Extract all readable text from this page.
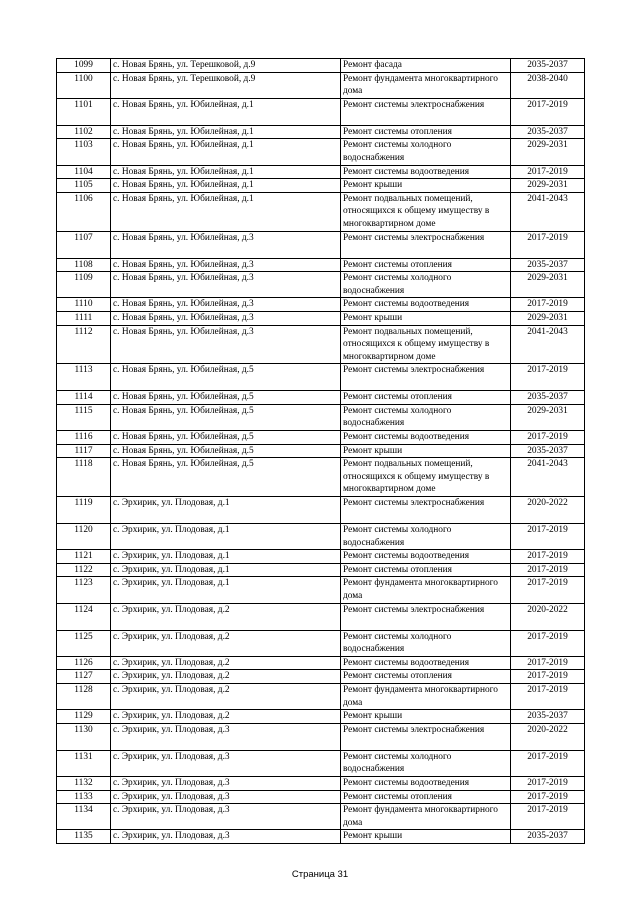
1099	с. Новая Брянь, ул. Терешковой, д.9	Ремонт фасада	2035-2037
1100	с. Новая Брянь, ул. Терешковой, д.9	Ремонт фундамента многоквартирного дома	2038-2040
1101	с. Новая Брянь, ул. Юбилейная, д.1	Ремонт системы электроснабжения	2017-2019
1102	с. Новая Брянь, ул. Юбилейная, д.1	Ремонт системы отопления	2035-2037
1103	с. Новая Брянь, ул. Юбилейная, д.1	Ремонт системы холодного водоснабжения	2029-2031
1104	с. Новая Брянь, ул. Юбилейная, д.1	Ремонт системы водоотведения	2017-2019
1105	с. Новая Брянь, ул. Юбилейная, д.1	Ремонт крыши	2029-2031
1106	с. Новая Брянь, ул. Юбилейная, д.1	Ремонт подвальных помещений, относящихся к общему имуществу в многоквартирном доме	2041-2043
1107	с. Новая Брянь, ул. Юбилейная, д.3	Ремонт системы электроснабжения	2017-2019
1108	с. Новая Брянь, ул. Юбилейная, д.3	Ремонт системы отопления	2035-2037
1109	с. Новая Брянь, ул. Юбилейная, д.3	Ремонт системы холодного водоснабжения	2029-2031
1110	с. Новая Брянь, ул. Юбилейная, д.3	Ремонт системы водоотведения	2017-2019
1111	с. Новая Брянь, ул. Юбилейная, д.3	Ремонт крыши	2029-2031
1112	с. Новая Брянь, ул. Юбилейная, д.3	Ремонт подвальных помещений, относящихся к общему имуществу в многоквартирном доме	2041-2043
1113	с. Новая Брянь, ул. Юбилейная, д.5	Ремонт системы электроснабжения	2017-2019
1114	с. Новая Брянь, ул. Юбилейная, д.5	Ремонт системы отопления	2035-2037
1115	с. Новая Брянь, ул. Юбилейная, д.5	Ремонт системы холодного водоснабжения	2029-2031
1116	с. Новая Брянь, ул. Юбилейная, д.5	Ремонт системы водоотведения	2017-2019
1117	с. Новая Брянь, ул. Юбилейная, д.5	Ремонт крыши	2035-2037
1118	с. Новая Брянь, ул. Юбилейная, д.5	Ремонт подвальных помещений, относящихся к общему имуществу в многоквартирном доме	2041-2043
1119	с. Эрхирик, ул. Плодовая, д.1	Ремонт системы электроснабжения	2020-2022
1120	с. Эрхирик, ул. Плодовая, д.1	Ремонт системы холодного водоснабжения	2017-2019
1121	с. Эрхирик, ул. Плодовая, д.1	Ремонт системы водоотведения	2017-2019
1122	с. Эрхирик, ул. Плодовая, д.1	Ремонт системы отопления	2017-2019
1123	с. Эрхирик, ул. Плодовая, д.1	Ремонт фундамента многоквартирного дома	2017-2019
1124	с. Эрхирик, ул. Плодовая, д.2	Ремонт системы электроснабжения	2020-2022
1125	с. Эрхирик, ул. Плодовая, д.2	Ремонт системы холодного водоснабжения	2017-2019
1126	с. Эрхирик, ул. Плодовая, д.2	Ремонт системы водоотведения	2017-2019
1127	с. Эрхирик, ул. Плодовая, д.2	Ремонт системы отопления	2017-2019
1128	с. Эрхирик, ул. Плодовая, д.2	Ремонт фундамента многоквартирного дома	2017-2019
1129	с. Эрхирик, ул. Плодовая, д.2	Ремонт крыши	2035-2037
1130	с. Эрхирик, ул. Плодовая, д.3	Ремонт системы электроснабжения	2020-2022
1131	с. Эрхирик, ул. Плодовая, д.3	Ремонт системы холодного водоснабжения	2017-2019
1132	с. Эрхирик, ул. Плодовая, д.3	Ремонт системы водоотведения	2017-2019
1133	с. Эрхирик, ул. Плодовая, д.3	Ремонт системы отопления	2017-2019
1134	с. Эрхирик, ул. Плодовая, д.3	Ремонт фундамента многоквартирного дома	2017-2019
1135	с. Эрхирик, ул. Плодовая, д.3	Ремонт крыши	2035-2037
Страница 31
